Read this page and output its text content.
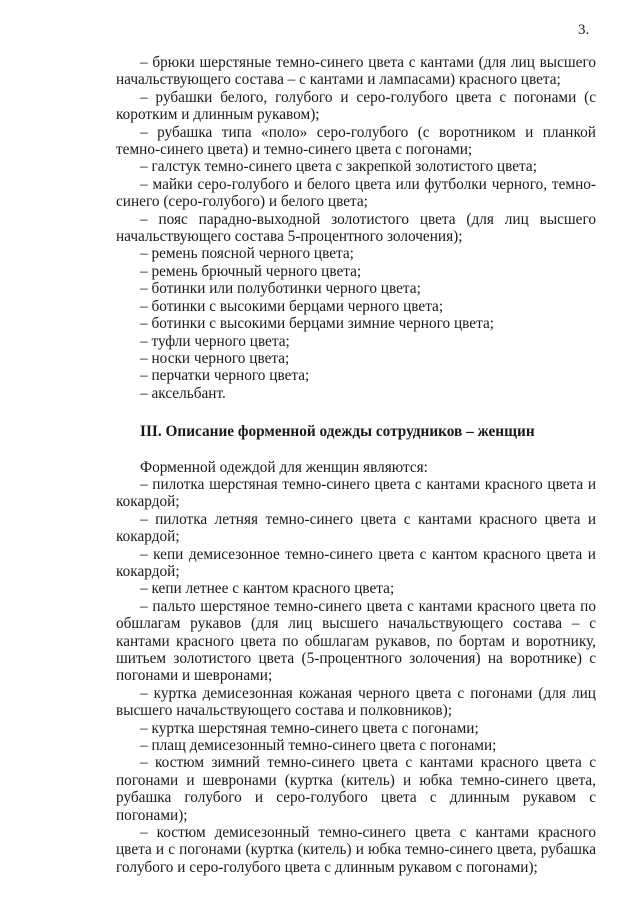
3.

– брюки шерстяные темно-синего цвета с кантами (для лиц высшего начальствующего состава – с кантами и лампасами) красного цвета;

– рубашки белого, голубого и серо-голубого цвета с погонами (с коротким и длинным рукавом);

– рубашка типа «поло» серо-голубого (с воротником и планкой темно-синего цвета) и темно-синего цвета с погонами;

– галстук темно-синего цвета с закрепкой золотистого цвета;

– майки серо-голубого и белого цвета или футболки черного, темно-синего (серо-голубого) и белого цвета;

– пояс парадно-выходной золотистого цвета (для лиц высшего начальствующего состава 5-процентного золочения);

– ремень поясной черного цвета;

– ремень брючный черного цвета;

– ботинки или полуботинки черного цвета;

– ботинки с высокими берцами черного цвета;

– ботинки с высокими берцами зимние черного цвета;

– туфли черного цвета;

– носки черного цвета;

– перчатки черного цвета;

– аксельбант.

III. Описание форменной одежды сотрудников – женщин

Форменной одеждой для женщин являются:

– пилотка шерстяная темно-синего цвета с кантами красного цвета и кокардой;

– пилотка летняя темно-синего цвета с кантами красного цвета и кокардой;

– кепи демисезонное темно-синего цвета с кантом красного цвета и кокардой;

– кепи летнее с кантом красного цвета;

– пальто шерстяное темно-синего цвета с кантами красного цвета по обшлагам рукавов (для лиц высшего начальствующего состава – с кантами красного цвета по обшлагам рукавов, по бортам и воротнику, шитьем золотистого цвета (5-процентного золочения) на воротнике) с погонами и шевронами;

– куртка демисезонная кожаная черного цвета с погонами (для лиц высшего начальствующего состава и полковников);

– куртка шерстяная темно-синего цвета с погонами;

– плащ демисезонный темно-синего цвета с погонами;

– костюм зимний темно-синего цвета с кантами красного цвета с погонами и шевронами (куртка (китель) и юбка темно-синего цвета, рубашка голубого и серо-голубого цвета с длинным рукавом с погонами);

– костюм демисезонный темно-синего цвета с кантами красного цвета и с погонами (куртка (китель) и юбка темно-синего цвета, рубашка голубого и серо-голубого цвета с длинным рукавом с погонами);
